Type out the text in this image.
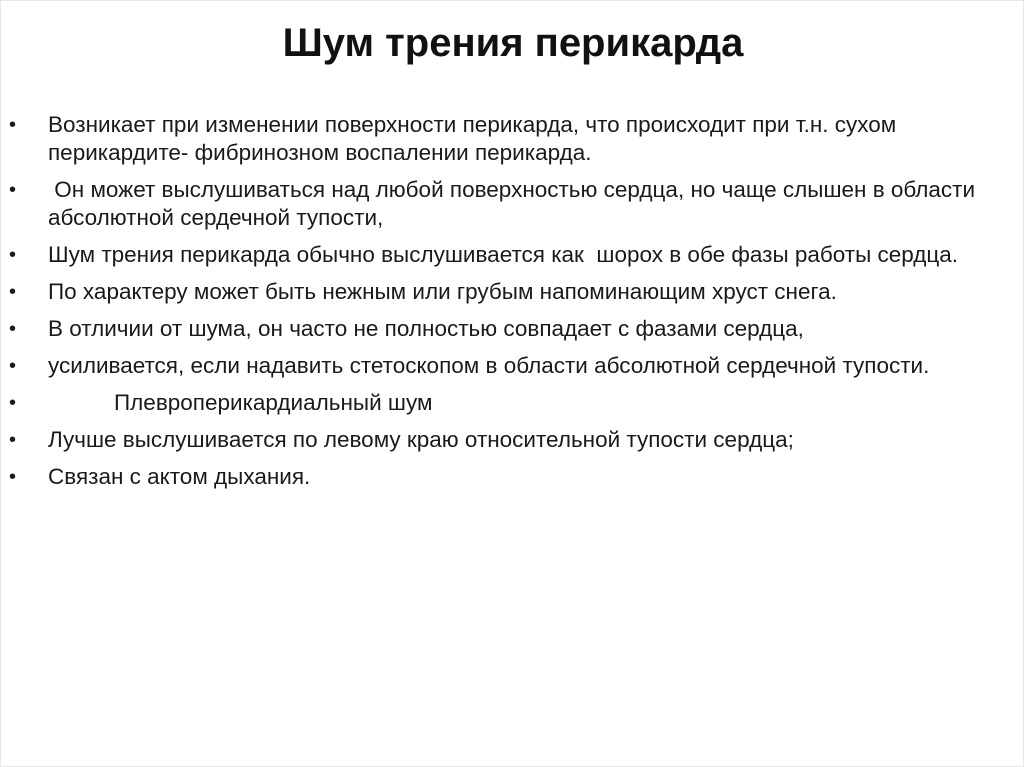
Шум трения перикарда
• Возникает при изменении поверхности перикарда, что происходит при т.н. сухом перикардите- фибринозном воспалении перикарда.
• Он может выслушиваться над любой поверхностью сердца, но чаще слышен в области абсолютной сердечной тупости,
• Шум трения перикарда обычно выслушивается как  шорох в обе фазы работы сердца.
• По характеру может быть нежным или грубым напоминающим хруст снега.
• В отличии от шума, он часто не полностью совпадает с фазами сердца,
• усиливается, если надавить стетоскопом в области абсолютной сердечной тупости.
•	Плевроперикардиальный шум
• Лучше выслушивается по левому краю относительной тупости сердца;
• Связан с актом дыхания.
